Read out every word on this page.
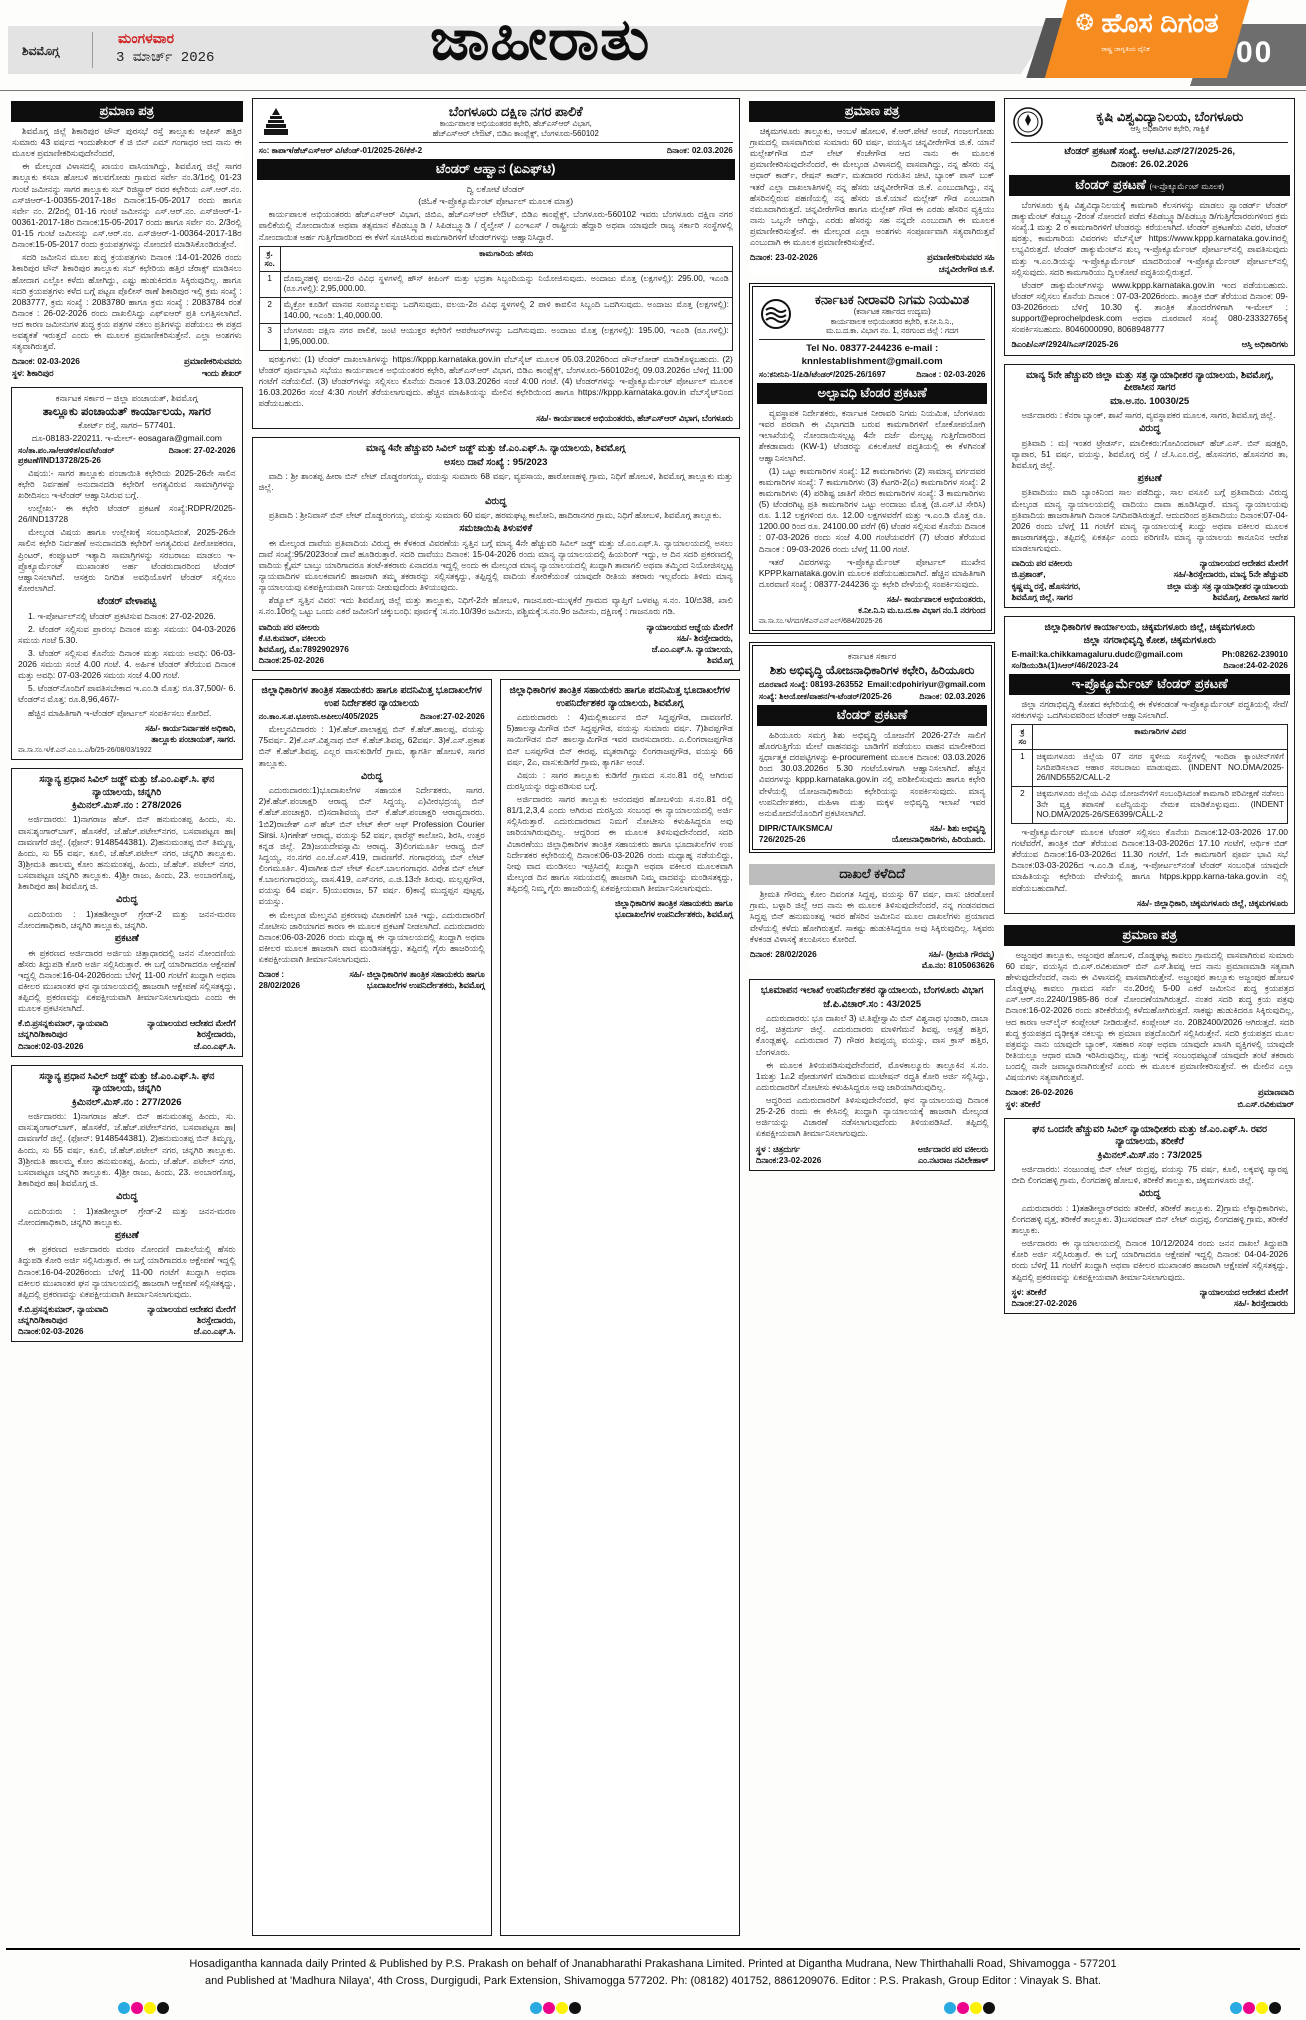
ಶಿವಮೊಗ್ಗ
ಮಂಗಳವಾರ
3 ಮಾರ್ಚ್ 2026	ಜಾಹೀರಾತು	00
❂ ಹೊಸ ದಿಗಂತ
ರಾಷ್ಟ್ರ ಜಾಗೃತಿಯ ದೈನಿಕ
ಪ್ರಮಾಣ ಪತ್ರ

ಶಿವಮೊಗ್ಗ ಜಿಲ್ಲೆ ಶಿಕಾರಿಪುರ ಟೌನ್ ಪುರಸಭೆ ರಸ್ತೆ ತಾಲ್ಲೂಕು ಆಫೀಸ್ ಹತ್ತಿರ ಸುಮಾರು 43 ವರ್ಷದ ಇಂದುಶೇಖರ್ ಕೆ ಜಿ ಬಿನ್ ಎಮ್ ಗಂಗಾಧರ ಆದ ನಾನು ಈ ಮೂಲಕ ಪ್ರಮಾಣೀಕರಿಸುವುದೇನೆಂದರೆ,

ಈ ಮೇಲ್ಕಂಡ ವಿಳಾಸದಲ್ಲಿ ಖಾಯಂ ವಾಸಿಯಾಗಿದ್ದು, ಶಿವಮೊಗ್ಗ ಜಿಲ್ಲೆ ಸಾಗರ ತಾಲ್ಲೂಕು ಕಸಬಾ ಹೋಬಳಿ ಹಲವಗೋಡು ಗ್ರಾಮದ ಸರ್ವೇ ನಂ.3/1ರಲ್ಲಿ 01-23 ಗುಂಟೆ ಜಮೀನನ್ನು ಸಾಗರ ತಾಲ್ಲೂಕು ಸಬ್ ರಿಜಿಸ್ಟ್ರಾರ್ ರವರ ಕಛೇರಿಯ ಎಸ್.ಆರ್.ನಂ. ಎಸ್‌ಜಿಆರ್-1-00355-2017-18ರ ದಿನಾಂಕ:15-05-2017 ರಂದು ಹಾಗೂ ಸರ್ವೇ ನಂ. 2/2ರಲ್ಲಿ 01-16 ಗುಂಟೆ ಜಮೀನನ್ನು ಎಸ್.ಆರ್.ನಂ. ಎಸ್‌ಜಿಆರ್-1-00361-2017-18ರ ದಿನಾಂಕ:15-05-2017 ರಂದು ಹಾಗೂ ಸರ್ವೇ ನಂ. 2/3ರಲ್ಲಿ 01-15 ಗುಂಟೆ ಜಮೀನನ್ನು ಎಸ್.ಆರ್.ನಂ. ಎಸ್‌ಜಿಆರ್-1-00364-2017-18ರ ದಿನಾಂಕ:15-05-2017 ರಂದು ಕ್ರಯಪತ್ರಗಳನ್ನು ನೋಂದಣಿ ಮಾಡಿಸಿಕೊಂಡಿರುತ್ತೇನೆ.

ಸದರಿ ಜಮೀನಿನ ಮೂಲ ಶುದ್ಧ ಕ್ರಯಪತ್ರಗಳು ದಿನಾಂಕ :14-01-2026 ರಂದು ಶಿಕಾರಿಪುರ ಟೌನ್ ಶಿಕಾರಿಪುರ ತಾಲ್ಲೂಕು ಸಬ್ ಕಛೇರಿಯ ಹತ್ತಿರ ಜೆರಾಕ್ಸ್ ಮಾಡಿಸಲು ಹೋದಾಗ ಎಲ್ಲೋ ಕಳೆದು ಹೋಗಿದ್ದು, ಎಷ್ಟು ಹುಡುಕಿದರೂ ಸಿಕ್ಕಿರುವುದಿಲ್ಲ. ಹಾಗೂ ಸದರಿ ಕ್ರಯಪತ್ರಗಳು ಕಳೆದ ಬಗ್ಗೆ ಪಟ್ಟಣ ಪೊಲೀಸ್ ಠಾಣೆ ಶಿಕಾರಿಪುರ ಇಲ್ಲಿ ಕ್ರಮ ಸಂಖ್ಯೆ : 2083777, ಕ್ರಮ ಸಂಖ್ಯೆ : 2083780 ಹಾಗೂ ಕ್ರಮ ಸಂಖ್ಯೆ : 2083784 ರಂತೆ ದಿನಾಂಕ : 26-02-2026 ರಂದು ದಾಖಲಿಸಿದ್ದು ಎಫ್‌ಐಆರ್ ಪ್ರತಿ ಲಗತ್ತಿಸಲಾಗಿದೆ. ಆದ ಕಾರಣ ಜಮೀನುಗಳ ಶುದ್ಧ ಕ್ರಯ ಪತ್ರಗಳ ನಕಲು ಪ್ರತಿಗಳನ್ನು ಪಡೆಯಲು ಈ ಪತ್ರದ ಅವಶ್ಯಕತೆ ಇರುತ್ತದೆ ಎಂದು ಈ ಮೂಲಕ ಪ್ರಮಾಣೀಕರಿಸುತ್ತೇನೆ. ಎಲ್ಲಾ ಅಂಶಗಳು ಸತ್ಯವಾಗಿರುತ್ತವೆ.

ದಿನಾಂಕ: 02-03-2026
ಸ್ಥಳ: ಶಿಕಾರಿಪುರ
ಪ್ರಮಾಣೀಕರಿಸುವವರು
ಇಂದು ಶೇಖರ್
ಕರ್ನಾಟಕ ಸರ್ಕಾರ – ಜಿಲ್ಲಾ ಪಂಚಾಯತ್, ಶಿವಮೊಗ್ಗ
ತಾಲ್ಲೂಕು ಪಂಚಾಯತ್ ಕಾರ್ಯಾಲಯ, ಸಾಗರ
ಕೋರ್ಟ್ ರಸ್ತೆ, ಸಾಗರ– 577401.
ದೂ-08183-220211. ಇ-ಮೇಲ್- eosagara@gmail.com
ಸಂ/ತಾ.ಪಂ.ಸಾ/ಆಡಳಿತ/ಏವ/ಟೆಂಡರ್ ಪ್ರಕಟಣೆ/IND13728/25-26
ದಿನಾಂಕ: 27-02-2026

ವಿಷಯ:- ಸಾಗರ ತಾಲ್ಲೂಕು ಪಂಚಾಯಿತಿ ಕಛೇರಿಯ 2025-26ನೇ ಸಾಲಿನ ಕಛೇರಿ ನಿರ್ವಹಣೆ ಅನುದಾನದಡಿ ಕಛೇರಿಗೆ ಅಗತ್ಯವಿರುವ ಸಾಮಾಗ್ರಿಗಳನ್ನು ಖರೀದಿಸಲು ಇ-ಟೆಂಡರ್ ಆಹ್ವಾನಿಸಿರುವ ಬಗ್ಗೆ.

ಉಲ್ಲೇಖ:- ಈ ಕಛೇರಿ ಟೆಂಡರ್ ಪ್ರಕಟಣೆ ಸಂಖ್ಯೆ:RDPR/2025-26/IND13728

ಮೇಲ್ಕಂಡ ವಿಷಯ ಹಾಗೂ ಉಲ್ಲೇಖಕ್ಕೆ ಸಂಬಂಧಿಸಿದಂತೆ, 2025-26ನೇ ಸಾಲಿನ ಕಛೇರಿ ನಿರ್ವಹಣೆ ಅನುದಾನದಡಿ ಕಛೇರಿಗೆ ಅಗತ್ಯವಿರುವ ಪೀಠೋಪಕರಣ, ಪ್ರಿಂಟರ್, ಕಂಪ್ಯೂಟರ್ ಇತ್ಯಾದಿ ಸಾಮಾಗ್ರಿಗಳನ್ನು ಸರಬರಾಜು ಮಾಡಲು ಇ-ಪ್ರೊಕ್ಯೂರ್ಮೆಂಟ್ ಮುಖಾಂತರ ಅರ್ಹ ಟೆಂಡರುದಾರರಿಂದ ಟೆಂಡರ್ ಆಹ್ವಾನಿಸಲಾಗಿದೆ. ಆಸಕ್ತರು ನಿಗದಿತ ಅವಧಿಯೊಳಗೆ ಟೆಂಡರ್ ಸಲ್ಲಿಸಲು ಕೋರಲಾಗಿದೆ.

ಟೆಂಡರ್ ವೇಳಾಪಟ್ಟಿ

1. ಇ-ಪೋರ್ಟಲ್‌ನಲ್ಲಿ ಟೆಂಡರ್ ಪ್ರಕಟಿಸುವ ದಿನಾಂಕ: 27-02-2026.

2. ಟೆಂಡರ್ ಸಲ್ಲಿಸುವ ಪ್ರಾರಂಭ ದಿನಾಂಕ ಮತ್ತು ಸಮಯ: 04-03-2026 ಸಮಯ ಗಂಟೆ 5.30.

3. ಟೆಂಡರ್ ಸಲ್ಲಿಸುವ ಕೊನೆಯ ದಿನಾಂಕ ಮತ್ತು ಸಮಯ ಅವಧಿ: 06-03-2026 ಸಮಯ ಸಂಜೆ 4.00 ಗಂಟೆ. 4. ಅರ್ಹಿಕ ಟೆಂಡರ್ ತೆರೆಯುವ ದಿನಾಂಕ ಮತ್ತು ಅವಧಿ: 07-03-2026 ಸಮಯ ಸಂಜೆ 4.00 ಗಂಟೆ.

5. ಟೆಂಡರ್‌ನೊಂದಿಗೆ ಪಾವತಿಸಬೇಕಾದ ಇ.ಎಂ.ಡಿ ಮೊತ್ತ: ರೂ.37,500/- 6. ಟೆಂಡರ್‌ನ ಮೊತ್ತ: ರೂ.8,96,467/-

ಹೆಚ್ಚಿನ ಮಾಹಿತಿಗಾಗಿ ಇ-ಟೆಂಡರ್ ಪೋರ್ಟಲ್ ಸಂಪರ್ಕಿಸಲು ಕೋರಿದೆ.

ಸಹಿ/- ಕಾರ್ಯನಿರ್ವಾಹಕ ಅಧಿಕಾರಿ,
ತಾಲ್ಲೂಕು ಪಂಚಾಯತ್, ಸಾಗರ.
ವಾ.ಸಾ.ಸಂ.ಇ/ಕೆ.ಎನ್.ಎಂ.ಒ.ಎ/b/25-26/08/03/1922
ಸನ್ಮಾನ್ಯ ಪ್ರಧಾನ ಸಿವಿಲ್ ಜಡ್ಜ್ ಮತ್ತು ಜೆ.ಎಂ.ಎಫ್.ಸಿ. ಘನ ನ್ಯಾಯಾಲಯ, ಚನ್ನಗಿರಿ
ಕ್ರಿಮಿನಲ್.ಮಿಸ್.ನಂ : 278/2026

ಅರ್ಜಿದಾರರು: 1)ನಾಗರಾಜ ಹೆಚ್. ಬಿನ್ ಹನುಮಂತಪ್ಪ ಹಿಂದು, ಸು. ವಾಸ:ಶೃಂಗಾರ್‌ಬಾಗ್, ಹೊಸಕೆರೆ, ಜೆ.ಹೆಚ್.ಪಟೇಲ್‌ನಗರ, ಬಸವಾಪಟ್ಟಣ ಹಾ|ದಾವಣಗೆರೆ ಜಿಲ್ಲೆ. (ಫೋನ್: 9148544381). 2)ಹನುಮಂತಪ್ಪ ಬಿನ್ ತಿಮ್ಮಣ್ಣ, ಹಿಂದು, ಸು 55 ವರ್ಷ, ಕೂಲಿ, ಜೆ.ಹೆಚ್.ಪಟೇಲ್ ನಗರ, ಚನ್ನಗಿರಿ ತಾಲ್ಲೂಕು. 3)ಶ್ರೀಮತಿ ಹಾಲಮ್ಮ ಕೋಂ ಹನುಮಂತಪ್ಪ, ಹಿಂದು, ಜೆ.ಹೆಚ್. ಪಟೇಲ್ ನಗರ, ಬಸವಾಪಟ್ಟಣ ಚನ್ನಗಿರಿ ತಾಲ್ಲೂಕು. 4)ಶ್ರೀ ರಾಜು, ಹಿಂದು, 23. ಅಂಬಾರಗೊಪ್ಪ, ಶಿಕಾರಿಪುರ ಹಾ| ಶಿವಮೊಗ್ಗ ಜಿ.

ವಿರುದ್ಧ

ಎದುರಿಯರು : 1)ತಹಶೀಲ್ದಾರ್ ಗ್ರೇಡ್-2 ಮತ್ತು ಜನನ-ಮರಣ ನೋಂದಣಾಧಿಕಾರಿ, ಚನ್ನಗಿರಿ ತಾಲ್ಲೂಕು, ಚನ್ನಗಿರಿ.

ಪ್ರಕಟಣೆ

ಈ ಪ್ರಕರಣದ ಅರ್ಜಿದಾರರ ಅರ್ಜಿಯ ಚಿತ್ತಾಧಾರದಲ್ಲಿ ಜನನ ನೋಂದಣಿಯ ಹೆಸರು ತಿದ್ದುಪಡಿ ಕೋರಿ ಅರ್ಜಿ ಸಲ್ಲಿಸಿರುತ್ತಾರೆ. ಈ ಬಗ್ಗೆ ಯಾರಿಗಾದರೂ ಆಕ್ಷೇಪಣೆ ಇದ್ದಲ್ಲಿ ದಿನಾಂಕ:16-04-2026ರಂದು ಬೆಳಿಗ್ಗೆ 11-00 ಗಂಟೆಗೆ ಖುದ್ದಾಗಿ ಅಥವಾ ವಕೀಲರ ಮುಖಾಂತರ ಘನ ನ್ಯಾಯಾಲಯದಲ್ಲಿ ಹಾಜರಾಗಿ ಆಕ್ಷೇಪಣೆ ಸಲ್ಲಿಸತಕ್ಕದ್ದು, ತಪ್ಪಿದಲ್ಲಿ ಪ್ರಕರಣವನ್ನು ಏಕಪಕ್ಷೀಯವಾಗಿ ತೀರ್ಮಾನಿಸಲಾಗುವುದು ಎಂದು ಈ ಮೂಲಕ ಪ್ರಕಟಿಸಲಾಗಿದೆ.

ಕೆ.ಬಿ.ಪ್ರಸನ್ನಕುಮಾರ್, ನ್ಯಾಯವಾದಿ
ಚನ್ನಗಿರಿ/ಶಿಕಾರಿಪುರ
ದಿನಾಂಕ:02-03-2026
ನ್ಯಾಯಾಲಯದ ಆದೇಶದ ಮೇರೆಗೆ
ಶಿರಸ್ತೇದಾರರು,
ಜೆ.ಎಂ.ಎಫ್.ಸಿ.
ಸನ್ಮಾನ್ಯ ಪ್ರಧಾನ ಸಿವಿಲ್ ಜಡ್ಜ್ ಮತ್ತು ಜೆ.ಎಂ.ಎಫ್.ಸಿ. ಘನ ನ್ಯಾಯಾಲಯ, ಚನ್ನಗಿರಿ
ಕ್ರಿಮಿನಲ್.ಮಿಸ್.ನಂ : 277/2026

ಅರ್ಜಿದಾರರು: 1)ನಾಗರಾಜ ಹೆಚ್. ಬಿನ್ ಹನುಮಂತಪ್ಪ ಹಿಂದು, ಸು. ವಾಸ:ಶೃಂಗಾರ್‌ಬಾಗ್, ಹೊಸಕೆರೆ, ಜೆ.ಹೆಚ್.ಪಟೇಲ್‌ನಗರ, ಬಸವಾಪಟ್ಟಣ ಹಾ|ದಾವಣಗೆರೆ ಜಿಲ್ಲೆ. (ಫೋನ್: 9148544381). 2)ಹನುಮಂತಪ್ಪ ಬಿನ್ ತಿಮ್ಮಣ್ಣ, ಹಿಂದು, ಸು 55 ವರ್ಷ, ಕೂಲಿ, ಜೆ.ಹೆಚ್.ಪಟೇಲ್ ನಗರ, ಚನ್ನಗಿರಿ ತಾಲ್ಲೂಕು. 3)ಶ್ರೀಮತಿ ಹಾಲಮ್ಮ ಕೋಂ ಹನುಮಂತಪ್ಪ, ಹಿಂದು, ಜೆ.ಹೆಚ್. ಪಟೇಲ್ ನಗರ, ಬಸವಾಪಟ್ಟಣ ಚನ್ನಗಿರಿ ತಾಲ್ಲೂಕು. 4)ಶ್ರೀ ರಾಜು, ಹಿಂದು, 23. ಅಂಬಾರಗೊಪ್ಪ, ಶಿಕಾರಿಪುರ ಹಾ| ಶಿವಮೊಗ್ಗ ಜಿ.

ವಿರುದ್ಧ

ಎದುರಿಯರು : 1)ತಹಶೀಲ್ದಾರ್ ಗ್ರೇಡ್-2 ಮತ್ತು ಜನನ-ಮರಣ ನೋಂದಣಾಧಿಕಾರಿ, ಚನ್ನಗಿರಿ ತಾಲ್ಲೂಕು.

ಪ್ರಕಟಣೆ

ಈ ಪ್ರಕರಣದ ಅರ್ಜಿದಾರರು ಮರಣ ನೋಂದಣಿ ದಾಖಲೆಯಲ್ಲಿ ಹೆಸರು ತಿದ್ದುಪಡಿ ಕೋರಿ ಅರ್ಜಿ ಸಲ್ಲಿಸಿರುತ್ತಾರೆ. ಈ ಬಗ್ಗೆ ಯಾರಿಗಾದರೂ ಆಕ್ಷೇಪಣೆ ಇದ್ದಲ್ಲಿ ದಿನಾಂಕ:16-04-2026ರಂದು ಬೆಳಿಗ್ಗೆ 11-00 ಗಂಟೆಗೆ ಖುದ್ದಾಗಿ ಅಥವಾ ವಕೀಲರ ಮುಖಾಂತರ ಘನ ನ್ಯಾಯಾಲಯದಲ್ಲಿ ಹಾಜರಾಗಿ ಆಕ್ಷೇಪಣೆ ಸಲ್ಲಿಸತಕ್ಕದ್ದು, ತಪ್ಪಿದಲ್ಲಿ ಪ್ರಕರಣವನ್ನು ಏಕಪಕ್ಷೀಯವಾಗಿ ತೀರ್ಮಾನಿಸಲಾಗುವುದು.

ಕೆ.ಬಿ.ಪ್ರಸನ್ನಕುಮಾರ್, ನ್ಯಾಯವಾದಿ
ಚನ್ನಗಿರಿ/ಶಿಕಾರಿಪುರ
ದಿನಾಂಕ:02-03-2026
ನ್ಯಾಯಾಲಯದ ಆದೇಶದ ಮೇರೆಗೆ
ಶಿರಸ್ತೇದಾರರು,
ಜೆ.ಎಂ.ಎಫ್.ಸಿ.
ಬೆಂಗಳೂರು ದಕ್ಷಿಣ ನಗರ ಪಾಲಿಕೆ
ಕಾರ್ಯಪಾಲಕ ಅಭಿಯಂತರರ ಕಛೇರಿ, ಹೆಚ್‌ಎಸ್‌ಆರ್ ವಿಭಾಗ,
ಹೆಚ್ಎಸ್ಆರ್ ಲೇಔಟ್, ಬಿಡಿಎ ಕಾಂಪ್ಲೆಕ್ಸ್, ಬೆಂಗಳೂರು-560102
ಸಂ: ಕಾಪಾಇ/ಹೆಚ್ಎಸ್ಆರ್ ವಿ/ಟೆಂಡ್-01/2025-26/ಕೆಠೆ-2	ದಿನಾಂಕ: 02.03.2026
ಟೆಂಡರ್ ಆಹ್ವಾನ (ಏಎಫ್‌ಟಿ)
ದ್ವಿ ಲಕೋಟೆ ಟೆಂಡರ್
(ಜಿಓಕೆ ಇ-ಪ್ರೊಕ್ಯೂರ್ಮೆಂಟ್ ಪೋರ್ಟಲ್ ಮೂಲಕ ಮಾತ್ರ)

ಕಾರ್ಯಪಾಲಕ ಅಭಿಯಂತರರು ಹೆಚ್ಎಸ್ಆರ್ ವಿಭಾಗ, ಜಿಬಿಎ, ಹೆಚ್ಎಸ್ಆರ್ ಲೇಔಟ್, ಬಿಡಿಎ ಕಾಂಪ್ಲೆಕ್ಸ್, ಬೆಂಗಳೂರು-560102 ಇವರು ಬೆಂಗಳೂರು ದಕ್ಷಿಣ ನಗರ ಪಾಲಿಕೆಯಲ್ಲಿ ನೋಂದಾಯಿತ ಅಥವಾ ತತ್ಸಮಾನ ಕೆಪಿಡಬ್ಲ್ಯೂಡಿ / ಸಿಪಿಡಬ್ಲ್ಯೂಡಿ / ರೈಲ್ವೇಸ್ / ಎಂಇಎಸ್ / ರಾಷ್ಟ್ರೀಯ ಹೆದ್ದಾರಿ ಅಥವಾ ಯಾವುದೇ ರಾಜ್ಯ ಸರ್ಕಾರಿ ಸಂಸ್ಥೆಗಳಲ್ಲಿ ನೋಂದಾಯಿತ ಅರ್ಹ ಗುತ್ತಿಗೆದಾರರಿಂದ ಈ ಕೆಳಗೆ ಸೂಚಿಸಿರುವ ಕಾಮಗಾರಿಗಳಿಗೆ ಟೆಂಡರ್‌ಗಳನ್ನು ಆಹ್ವಾನಿಸಿದ್ದಾರೆ.

ಕ್ರ. ಸಂ.	ಕಾಮಗಾರಿಯ ಹೆಸರು
1	ದೊಮ್ಮನಹಳ್ಳಿ ವಲಯ-2ರ ವಿವಿಧ ಸ್ಥಳಗಳಲ್ಲಿ ಹೌಸ್ ಕೀಪಿಂಗ್ ಮತ್ತು ಭದ್ರತಾ ಸಿಬ್ಬಂದಿಯನ್ನು ನಿಯೋಜಿಸುವುದು. ಅಂದಾಜು ಮೊತ್ತ (ಲಕ್ಷಗಳಲ್ಲಿ): 295.00, ಇಎಂಡಿ (ರೂ.ಗಳಲ್ಲಿ): 2,95,000.00.
2	ಮೈಕ್ರೋ ಕೂಡಿಗೆ ಮಾನವ ಸಂಪನ್ಮೂಲವನ್ನು ಒದಗಿಸುವುದು, ವಲಯ-2ರ ವಿವಿಧ ಸ್ಥಳಗಳಲ್ಲಿ 2 ಪಾಳಿ ಕಾವಲಿನ ಸಿಬ್ಬಂದಿ ಒದಗಿಸುವುದು. ಅಂದಾಜು ಮೊತ್ತ (ಲಕ್ಷಗಳಲ್ಲಿ): 140.00, ಇಎಂಡಿ: 1,40,000.00.
3	ಬೆಂಗಳೂರು ದಕ್ಷಿಣ ನಗರ ಪಾಲಿಕೆ, ಜಂಟಿ ಆಯುಕ್ತರ ಕಛೇರಿಗೆ ಆಪರೇಟರ್‌ಗಳನ್ನು ಒದಗಿಸುವುದು. ಅಂದಾಜು ಮೊತ್ತ (ಲಕ್ಷಗಳಲ್ಲಿ): 195.00, ಇಎಂಡಿ (ರೂ.ಗಳಲ್ಲಿ): 1,95,000.00.

ಷರತ್ತುಗಳು: (1) ಟೆಂಡರ್ ದಾಖಲಾತಿಗಳನ್ನು https://kppp.karnataka.gov.in ವೆಬ್‌ಸೈಟ್ ಮೂಲಕ 05.03.2026ರಿಂದ ಡೌನ್‌ಲೋಡ್ ಮಾಡಿಕೊಳ್ಳಬಹುದು. (2) ಟೆಂಡರ್ ಪೂರ್ವಭಾವಿ ಸಭೆಯು ಕಾರ್ಯಪಾಲಕ ಅಭಿಯಂತರರ ಕಛೇರಿ, ಹೆಚ್ಎಸ್ಆರ್ ವಿಭಾಗ, ಬಿಡಿಎ ಕಾಂಪ್ಲೆಕ್ಸ್, ಬೆಂಗಳೂರು-560102ರಲ್ಲಿ 09.03.2026ರ ಬೆಳಿಗ್ಗೆ 11:00 ಗಂಟೆಗೆ ನಡೆಯಲಿದೆ. (3) ಟೆಂಡರ್‌ಗಳನ್ನು ಸಲ್ಲಿಸಲು ಕೊನೆಯ ದಿನಾಂಕ 13.03.2026ರ ಸಂಜೆ 4:00 ಗಂಟೆ. (4) ಟೆಂಡರ್‌ಗಳನ್ನು ಇ-ಪ್ರೊಕ್ಯೂರ್ಮೆಂಟ್ ಪೋರ್ಟಲ್ ಮೂಲಕ 16.03.2026ರ ಸಂಜೆ 4:30 ಗಂಟೆಗೆ ತೆರೆಯಲಾಗುವುದು. ಹೆಚ್ಚಿನ ಮಾಹಿತಿಯನ್ನು ಮೇಲಿನ ಕಛೇರಿಯಿಂದ ಹಾಗೂ https://kppp.karnataka.gov.in ವೆಬ್‌ಸೈಟ್‌ನಿಂದ ಪಡೆಯಬಹುದು.

ಸಹಿ/- ಕಾರ್ಯಪಾಲಕ ಅಭಿಯಂತರರು, ಹೆಚ್ಎಸ್ಆರ್ ವಿಭಾಗ, ಬೆಂಗಳೂರು
ಮಾನ್ಯ 4ನೇ ಹೆಚ್ಚುವರಿ ಸಿವಿಲ್ ಜಡ್ಜ್ ಮತ್ತು ಜೆ.ಎಂ.ಎಫ್.ಸಿ. ನ್ಯಾಯಾಲಯ, ಶಿವಮೊಗ್ಗ
ಅಸಲು ದಾವೆ ಸಂಖ್ಯೆ : 95/2023

ವಾದಿ : ಶ್ರೀ ಶಾಂತಪ್ಪ ಹೀರಾ ಬಿನ್ ಲೇಟ್ ದೊಡ್ಡರಂಗಯ್ಯ, ವಯಸ್ಸು ಸುಮಾರು 68 ವರ್ಷ, ವ್ಯವಸಾಯ, ಹಾರೋಣಹಳ್ಳಿ ಗ್ರಾಮ, ನಿಧಿಗೆ ಹೋಬಳಿ, ಶಿವಮೊಗ್ಗ ತಾಲ್ಲೂಕು ಮತ್ತು ಜಿಲ್ಲೆ.

ವಿರುದ್ಧ

ಪ್ರತಿವಾದಿ : ಶ್ರೀನಿವಾಸ್ ಬಿನ್ ಲೇಟ್ ದೊಡ್ಡರಂಗಯ್ಯ, ವಯಸ್ಸು ಸುಮಾರು 60 ವರ್ಷ, ಹರಮಘಟ್ಟ ಕಾಲೋನಿ, ಹಾದಿರಾನಗರ ಗ್ರಾಮ, ನಿಧಿಗೆ ಹೋಬಳಿ, ಶಿವಮೊಗ್ಗ ತಾಲ್ಲೂಕು.

ಸಮಜಾಯಿಷಿ ತಿಳುವಳಿಕೆ

ಈ ಮೇಲ್ಕಂಡ ದಾವೆಯ ಪ್ರತಿವಾದಿಯ ವಿರುದ್ಧ ಈ ಕೆಳಕಂಡ ವಿವರಣೆಯ ಸ್ವತ್ತಿನ ಬಗ್ಗೆ ಮಾನ್ಯ 4ನೇ ಹೆಚ್ಚುವರಿ ಸಿವಿಲ್ ಜಡ್ಜ್ ಮತ್ತು ಜೆ.ಎಂ.ಎಫ್.ಸಿ. ನ್ಯಾಯಾಲಯದಲ್ಲಿ ಅಸಲು ದಾವೆ ಸಂಖ್ಯೆ:95/2023ರಂತೆ ದಾವೆ ಹೂಡಿರುತ್ತಾರೆ. ಸದರಿ ದಾವೆಯು ದಿನಾಂಕ: 15-04-2026 ರಂದು ಮಾನ್ಯ ನ್ಯಾಯಾಲಯದಲ್ಲಿ ಹಿಯರಿಂಗ್ ಇದ್ದು, ಆ ದಿನ ಸದರಿ ಪ್ರಕರಣದಲ್ಲಿ ವಾದಿಯ ಕ್ಲೈಮ್ ಬಾಬ್ತು ಯಾರಿಗಾದರೂ ತಂಟೆ-ತಕರಾರು ಏನಾದರೂ ಇದ್ದಲ್ಲಿ ಅಂದು ಈ ಮೇಲ್ಕಂಡ ಮಾನ್ಯ ನ್ಯಾಯಾಲಯದಲ್ಲಿ ಖುದ್ದಾಗಿ ತಾವಾಗಲಿ ಅಥವಾ ತಮ್ಮಿಂದ ನಿಯೋಜಿಸಲ್ಪಟ್ಟ ನ್ಯಾಯವಾದಿಗಳ ಮೂಲಕವಾಗಲಿ ಹಾಜರಾಗಿ ತಮ್ಮ ತಕರಾರನ್ನು ಸಲ್ಲಿಸತಕ್ಕದ್ದು, ತಪ್ಪಿದ್ದಲ್ಲಿ ವಾದಿಯ ಕೋರಿಕೆಯಂತೆ ಯಾವುದೇ ರೀತಿಯ ತಕರಾರು ಇಲ್ಲವೆಂದು ತಿಳಿದು ಮಾನ್ಯ ನ್ಯಾಯಾಲಯವು ಏಕಪಕ್ಷೀಯವಾಗಿ ನಿರ್ಣಯ ನೀಡುವುದೆಂದು ತಿಳಿಯುವುದು.

ಶೆಡ್ಯೂಲ್ ಸ್ವತ್ತಿನ ವಿವರ: ಇದು ಶಿವಮೊಗ್ಗ ಜಿಲ್ಲೆ ಮತ್ತು ತಾಲ್ಲೂಕು, ನಿಧಿಗೆ-2ನೇ ಹೋಬಳಿ, ಗಾಜನೂರು-ಮುಳ್ಳಕೆರೆ ಗ್ರಾಮದ ವ್ಯಾಪ್ತಿಗೆ ಒಳಪಟ್ಟ ಸ.ನಂ. 10/ಬಿ38, ಖಾಲಿ ಸ.ನಂ.10ರಲ್ಲಿ ಒಟ್ಟು ಒಂದು ಎಕರೆ ಜಮೀನಿಗೆ ಚಕ್ಕುಬಂಧಿ: ಪೂರ್ವಕ್ಕೆ :ಸ.ನಂ.10/39ರ ಜಮೀನು, ಪಶ್ಚಿಮಕ್ಕೆ:ಸ.ನಂ.9ರ ಜಮೀನು, ದಕ್ಷಿಣಕ್ಕೆ : ಗಾಜನೂರು ಗಡಿ.

ವಾದಿಯ ಪರ ವಕೀಲರು
ಕೆ.ಟಿ.ಕುಮಾರ್, ವಕೀಲರು
ಶಿವಮೊಗ್ಗ, ಮೊ:7892902976
ದಿನಾಂಕ:25-02-2026
ನ್ಯಾಯಾಲಯದ ಆಜ್ಞೆಯ ಮೇರೆಗೆ
ಸಹಿ/- ಶಿರಸ್ತೇದಾರರು,
ಜೆ.ಎಂ.ಎಫ್.ಸಿ. ನ್ಯಾಯಾಲಯ,
ಶಿವಮೊಗ್ಗ
ಜಿಲ್ಲಾಧಿಕಾರಿಗಳ ತಾಂತ್ರಿಕ ಸಹಾಯಕರು ಹಾಗೂ ಪದನಿಮಿತ್ತ ಭೂದಾಖಲೆಗಳ ಉಪ ನಿರ್ದೇಶಕರ ನ್ಯಾಯಾಲಯ
ನಂ.ಕಾಂ.ಸ.ಪ.ಭೂಉನಿ.ಅಪೀಲು/405/2025	ದಿನಾಂಕ:27-02-2026

ಮೇಲ್ಮನವಿದಾರರು : 1)ಕೆ.ಹೆಚ್.ಪಾಲಾಕ್ಷಪ್ಪ ಬಿನ್ ಕೆ.ಹೆಚ್.ಹಾಲಪ್ಪ, ವಯಸ್ಸು 75ವರ್ಷ. 2)ಕೆ.ಎಸ್.ವಿಶ್ವನಾಥ ಬಿನ್ ಕೆ.ಹೆಚ್.ಶಿವಪ್ಪ, 62ವರ್ಷ. 3)ಕೆ.ಎಸ್.ಪ್ರಕಾಶ ಬಿನ್ ಕೆ.ಹೆಚ್.ಶಿವಪ್ಪ. ಎಲ್ಲರ ವಾಸ:ಕುಡಿಗೆರೆ ಗ್ರಾಮ, ತ್ಯಾಗರ್ತಿ ಹೋಬಳಿ, ಸಾಗರ ತಾಲ್ಲೂಕು.

ವಿರುದ್ಧ

ಎದುರುದಾರರು:1)ಭೂದಾಖಲೆಗಳ ಸಹಾಯಕ ನಿರ್ದೇಶಕರು, ಸಾಗರ. 2)ಕೆ.ಹೆಚ್.ಪಂಚಾಕ್ಷರಿ ಆರಾಧ್ಯ ಬಿನ್ ಸಿದ್ದಯ್ಯ. ಎ)ವೀರಭದ್ರಯ್ಯ ಬಿನ್ ಕೆ.ಹೆಚ್.ಪಂಚಾಕ್ಷರಿ. ಬಿ)ಸದಾಶಿವಯ್ಯ ಬಿನ್ ಕೆ.ಹೆಚ್.ಪಂಚಾಕ್ಷರಿ ಆರಾಧ್ಯದಾರರು. 1ಬಿ2)ರಾಜೇಶ್ ಎಸ್ ಹೆಚ್ ಬಿನ್ ಲೇಟ್ ಕೇರ್ ಆಫ್ Profession Courier Sirsi. ಸಿ)ಗಣೇಶ್ ಆರಾಧ್ಯ, ವಯಸ್ಸು 52 ವರ್ಷ, ಫಾರೆಸ್ಟ್ ಕಾಲೋನಿ, ಶಿರಸಿ, ಉತ್ತರ ಕನ್ನಡ ಜಿಲ್ಲೆ. 2ಡಿ)ಜಯದೇವಸ್ವಾಮಿ ಆರಾಧ್ಯ. 3)ಲಿಂಗಮೂರ್ತಿ ಆರಾಧ್ಯ ಬಿನ್ ಸಿದ್ದಯ್ಯ, ನಂ.ನಗರ ಎಂ.ಜೆ.ಎಸ್.419, ದಾವಣಗೆರೆ. ಗಂಗಾಧರಯ್ಯ ಬಿನ್ ಲೇಟ್ ಲಿಂಗಮೂರ್ತಿ. 4)ವಾಗೀಶ ಬಿನ್ ಲೇಟ್ ಕೆಎಲ್.ಬಾಲಗಂಗಾಧರ. ವಿರೇಶ ಬಿನ್ ಲೇಟ್ ಕೆ.ಬಾಲಗಂಗಾಧರಯ್ಯ, ವಾಸ.419, ಎಸ್‌ನಗರ, ಎ.ಜಿ.13ನೇ ತಿರುವು. ಮಲ್ಲಪ್ಪಗೌಡ, ವಯಸ್ಸು 64 ವರ್ಷ. 5)ಯುವರಾಜ, 57 ವರ್ಷ. 6)ಕಾನ್ಸೆ ಮುದ್ದಪ್ಪನ ಪುಟ್ಟಪ್ಪ, ವಯಸ್ಸು.

ಈ ಮೇಲ್ಕಂಡ ಮೇಲ್ಮನವಿ ಪ್ರಕರಣವು ವಿಚಾರಣೆಗೆ ಬಾಕಿ ಇದ್ದು, ಎದುರುದಾರರಿಗೆ ನೋಟೀಸು ಜಾರಿಯಾಗದ ಕಾರಣ ಈ ಮೂಲಕ ಪ್ರಕಟಣೆ ನೀಡಲಾಗಿದೆ. ಎದುರುದಾರರು ದಿನಾಂಕ:06-03-2026 ರಂದು ಮಧ್ಯಾಹ್ನ ಈ ನ್ಯಾಯಾಲಯದಲ್ಲಿ ಖುದ್ದಾಗಿ ಅಥವಾ ವಕೀಲರ ಮೂಲಕ ಹಾಜರಾಗಿ ವಾದ ಮಂಡಿಸತಕ್ಕದ್ದು, ತಪ್ಪಿದಲ್ಲಿ ಗೈರು ಹಾಜರಿಯಲ್ಲಿ ಏಕಪಕ್ಷೀಯವಾಗಿ ತೀರ್ಮಾನಿಸಲಾಗುವುದು.

ದಿನಾಂಕ : 28/02/2026
ಸಹಿ/- ಜಿಲ್ಲಾಧಿಕಾರಿಗಳ ತಾಂತ್ರಿಕ ಸಹಾಯಕರು ಹಾಗೂ ಭೂದಾಖಲೆಗಳ ಉಪನಿರ್ದೇಶಕರು, ಶಿವಮೊಗ್ಗ
ಜಿಲ್ಲಾಧಿಕಾರಿಗಳ ತಾಂತ್ರಿಕ ಸಹಾಯಕರು ಹಾಗೂ ಪದನಿಮಿತ್ತ ಭೂದಾಖಲೆಗಳ ಉಪನಿರ್ದೇಶಕರ ನ್ಯಾಯಾಲಯ, ಶಿವಮೊಗ್ಗ

ಎದುರುದಾರರು : 4)ಮಲ್ಲಿಕಾರ್ಜುನ ಬಿನ್ ಸಿದ್ದಪ್ಪಗೌಡ, ದಾವಣಗೆರೆ. 5)ಹಾಲಸ್ವಾಮಿಗೌಡ ಬಿನ್ ಸಿದ್ದಪ್ಪಗೌಡ, ವಯಸ್ಸು ಸುಮಾರು ವರ್ಷ. 7)ಶಿವಪ್ಪಗೌಡ ಸಾಯಿಗೌಡನ ಬಿನ್ ಹಾಲಸ್ವಾಮಿಗೌಡ ಇವರ ವಾರಸುದಾರರು. ಎ.ಲಿಂಗರಾಜಪ್ಪಗೌಡ ಬಿನ್ ಬಸಪ್ಪಗೌಡ ಬಿನ್ ಈರಪ್ಪ. ಮೃತರಾಗಿದ್ದು ಲಿಂಗರಾಜಪ್ಪಗೌಡ, ವಯಸ್ಸು 66 ವರ್ಷ, 2ಎ, ವಾಸ:ಕುಡಿಗೆರೆ ಗ್ರಾಮ, ತ್ಯಾಗರ್ತಿ ಅಂಚೆ.

ವಿಷಯ : ಸಾಗರ ತಾಲ್ಲೂಕು ಕುಡಿಗೆರೆ ಗ್ರಾಮದ ಸ.ನಂ.81 ರಲ್ಲಿ ಆಗಿರುವ ದುರಸ್ತಿಯನ್ನು ರದ್ದುಪಡಿಸುವ ಬಗ್ಗೆ.

ಅರ್ಜಿದಾರರು ಸಾಗರ ತಾಲ್ಲೂಕು ಆನಂದಪುರ ಹೋಬಳಿಯ ಸ.ನಂ.81 ರಲ್ಲಿ 81/1,2,3,4 ಎಂದು ಆಗಿರುವ ದುರಸ್ತಿಯ ಸಂಬಂಧ ಈ ನ್ಯಾಯಾಲಯದಲ್ಲಿ ಅರ್ಜಿ ಸಲ್ಲಿಸಿರುತ್ತಾರೆ. ಎದುರುದಾರರಾದ ನಿಮಗೆ ನೋಟೀಸು ಕಳುಹಿಸಿದ್ದರೂ ಅವು ಜಾರಿಯಾಗಿರುವುದಿಲ್ಲ. ಆದ್ದರಿಂದ ಈ ಮೂಲಕ ತಿಳಿಸುವುದೇನೆಂದರೆ, ಸದರಿ ವಿಚಾರಣೆಯು ಜಿಲ್ಲಾಧಿಕಾರಿಗಳ ತಾಂತ್ರಿಕ ಸಹಾಯಕರು ಹಾಗೂ ಭೂದಾಖಲೆಗಳ ಉಪ ನಿರ್ದೇಶಕರ ಕಛೇರಿಯಲ್ಲಿ ದಿನಾಂಕ:06-03-2026 ರಂದು ಮಧ್ಯಾಹ್ನ ನಡೆಯಲಿದ್ದು, ನೀವು ವಾದ ಮಂಡಿಸಲು ಇಚ್ಛಿಸಿದಲ್ಲಿ ಖುದ್ದಾಗಿ ಅಥವಾ ವಕೀಲರ ಮೂಲಕವಾಗಿ ಮೇಲ್ಕಂಡ ದಿನ ಹಾಗೂ ಸಮಯದಲ್ಲಿ ಹಾಜರಾಗಿ ನಿಮ್ಮ ವಾದವನ್ನು ಮಂಡಿಸತಕ್ಕದ್ದು, ತಪ್ಪಿದಲ್ಲಿ ನಿಮ್ಮ ಗೈರು ಹಾಜರಿಯಲ್ಲಿ ಏಕಪಕ್ಷೀಯವಾಗಿ ತೀರ್ಮಾನಿಸಲಾಗುವುದು.

ಜಿಲ್ಲಾಧಿಕಾರಿಗಳ ತಾಂತ್ರಿಕ ಸಹಾಯಕರು ಹಾಗೂ
ಭೂದಾಖಲೆಗಳ ಉಪನಿರ್ದೇಶಕರು, ಶಿವಮೊಗ್ಗ
ಪ್ರಮಾಣ ಪತ್ರ

ಚಿಕ್ಕಮಗಳೂರು ತಾಲ್ಲೂಕು, ಆಂಬಳೆ ಹೋಬಳಿ, ಕೆ.ಆರ್.ಪೇಟೆ ಅಂಚೆ, ಗಂಜಲಗೋಡು ಗ್ರಾಮದಲ್ಲಿ ವಾಸವಾಗಿರುವ ಸುಮಾರು 60 ವರ್ಷ, ವಯಸ್ಸಿನ ಚನ್ನವೀರೇಗೌಡ ಜಿ.ಕೆ. ಯಾನೆ ಮಲ್ಲೇಶ್‌ಗೌಡ ಬಿನ್ ಲೇಟ್ ಕೆಂಚೇಗೌಡ ಆದ ನಾನು ಈ ಮೂಲಕ ಪ್ರಮಾಣೀಕರಿಸುವುದೇನೆಂದರೆ, ಈ ಮೇಲ್ಕಂಡ ವಿಳಾಸದಲ್ಲಿ ವಾಸವಾಗಿದ್ದು, ನನ್ನ ಹೆಸರು ನನ್ನ ಆಧಾರ್ ಕಾರ್ಡ್, ರೇಷನ್ ಕಾರ್ಡ್, ಮತದಾರರ ಗುರುತಿನ ಚೀಟಿ, ಬ್ಯಾಂಕ್ ಪಾಸ್ ಬುಕ್ ಇತರೆ ಎಲ್ಲಾ ದಾಖಲಾತಿಗಳಲ್ಲಿ ನನ್ನ ಹೆಸರು ಚನ್ನವೀರೇಗೌಡ ಜಿ.ಕೆ. ಎಂಬುದಾಗಿದ್ದು, ನನ್ನ ಹೆಸರಿನಲ್ಲಿರುವ ಪಹಣಿಯಲ್ಲಿ ನನ್ನ ಹೆಸರು ಜಿ.ಕೆ.ಯಾನೆ ಮಲ್ಲೇಶ್ ಗೌಡ ಎಂಬುದಾಗಿ ನಮೂದಾಗಿರುತ್ತದೆ. ಚನ್ನವೀರೇಗೌಡ ಹಾಗೂ ಮಲ್ಲೇಶ್ ಗೌಡ ಈ ಎರಡು ಹೆಸರಿನ ವ್ಯಕ್ತಿಯು ನಾನು ಒಬ್ಬನೇ ಆಗಿದ್ದು, ಎರಡು ಹೆಸರನ್ನು ಸಹ ನನ್ನದೇ ಎಂಬುದಾಗಿ ಈ ಮೂಲಕ ಪ್ರಮಾಣೀಕರಿಸುತ್ತೇನೆ. ಈ ಮೇಲ್ಕಂಡ ಎಲ್ಲಾ ಅಂಶಗಳು ಸಂಪೂರ್ಣವಾಗಿ ಸತ್ಯವಾಗಿರುತ್ತವೆ ಎಂಬುದಾಗಿ ಈ ಮೂಲಕ ಪ್ರಮಾಣೀಕರಿಸುತ್ತೇನೆ.

ದಿನಾಂಕ: 23-02-2026	ಪ್ರಮಾಣೀಕರಿಸುವವರ ಸಹಿ
ಚನ್ನವೀರೇಗೌಡ ಜಿ.ಕೆ.
ಕರ್ನಾಟಕ ನೀರಾವರಿ ನಿಗಮ ನಿಯಮಿತ
(ಕರ್ನಾಟಕ ಸರ್ಕಾರದ ಉದ್ಯಮ)
ಕಾರ್ಯಪಾಲಕ ಅಭಿಯಂತರರ ಕಛೇರಿ, ಕ.ನೀ.ನಿ.ನಿ.,
ಮ.ಬ.ದ.ಕಾ. ವಿಭಾಗ ನಂ. 1, ನರಗುಂದ ಜಿಲ್ಲೆ : ಗದಗ
Tel No. 08377-244236 e-mail : knnlestablishment@gmail.com
ಸಂ:ಕನೀನಿನಿ-1/ಪಿಡಿ/ಟೆಂಡರ್/2025-26/1697	ದಿನಾಂಕ : 02-03-2026
ಅಲ್ಪಾವಧಿ ಟೆಂಡರ ಪ್ರಕಟಣೆ

ವ್ಯವಸ್ಥಾಪಕ ನಿರ್ದೇಶಕರು, ಕರ್ನಾಟಕ ನೀರಾವರಿ ನಿಗಮ ನಿಯಮಿತ, ಬೆಂಗಳೂರು ಇವರ ಪರವಾಗಿ ಈ ವಿಭಾಗದಡಿ ಬರುವ ಕಾಮಗಾರಿಗಳಿಗೆ ಲೋಕೋಪಯೋಗಿ ಇಲಾಖೆಯಲ್ಲಿ ನೋಂದಾಯಿಸಲ್ಪಟ್ಟ 4ನೇ ದರ್ಜೆ ಮೇಲ್ಪಟ್ಟ ಗುತ್ತಿಗೆದಾರರಿಂದ ಶೇಕಡಾವಾರು (KW-1) ಟೆಂಡರನ್ನು ಏಕಲಕೋಟೆ ಪದ್ಧತಿಯಲ್ಲಿ ಈ ಕೆಳಗಿನಂತೆ ಆಹ್ವಾನಿಸಲಾಗಿದೆ.

(1) ಒಟ್ಟು ಕಾಮಗಾರಿಗಳ ಸಂಖ್ಯೆ: 12 ಕಾಮಗಾರಿಗಳು (2) ಸಾಮಾನ್ಯ ವರ್ಗದವರ ಕಾಮಗಾರಿಗಳ ಸಂಖ್ಯೆ: 7 ಕಾಮಗಾರಿಗಳು (3) ಕೆಟಗರಿ-2(ಎ) ಕಾಮಗಾರಿಗಳ ಸಂಖ್ಯೆ: 2 ಕಾಮಗಾರಿಗಳು (4) ಪರಿಶಿಷ್ಟ ಜಾತಿಗೆ ಸೇರಿದ ಕಾಮಗಾರಿಗಳ ಸಂಖ್ಯೆ: 3 ಕಾಮಗಾರಿಗಳು (5) ಟೆಂಡರಗಿಟ್ಟ ಪ್ರತಿ ಕಾಮಗಾರಿಗಳ ಒಟ್ಟು ಅಂದಾಜು ಮೊತ್ತ (ಜಿ.ಎಸ್.ಟಿ ಸೇರಿಸಿ) ರೂ. 1.12 ಲಕ್ಷಗಳಿಂದ ರೂ. 12.00 ಲಕ್ಷಗಳವರೆಗೆ ಮತ್ತು ಇ.ಎಂ.ಡಿ ಮೊತ್ತ ರೂ. 1200.00 ರಿಂದ ರೂ. 24100.00 ವರೆಗೆ (6) ಟೆಂಡರ ಸಲ್ಲಿಸುವ ಕೊನೆಯ ದಿನಾಂಕ : 07-03-2026 ರಂದು ಸಂಜೆ 4.00 ಗಂಟೆಯವರೆಗೆ (7) ಟೆಂಡರ ತೆರೆಯುವ ದಿನಾಂಕ : 09-03-2026 ರಂದು ಬೆಳಗ್ಗೆ 11.00 ಗಂಟೆ.

ಇತರೆ ವಿವರಗಳನ್ನು ಇ-ಪ್ರೊಕ್ಯೂರ್ಮೆಂಟ್ ಪೋರ್ಟಲ್ ಮುಖೇನ KPPP.karnataka.gov.in ಮೂಲಕ ಪಡೆಯಬಹುದಾಗಿದೆ. ಹೆಚ್ಚಿನ ಮಾಹಿತಿಗಾಗಿ ದೂರವಾಣಿ ಸಂಖ್ಯೆ : 08377-244236 ನ್ನು ಕಛೇರಿ ವೇಳೆಯಲ್ಲಿ ಸಂಪರ್ಕಿಸುವುದು.

ಸಹಿ/- ಕಾರ್ಯಪಾಲಕ ಅಭಿಯಂತರರು,
ಕ.ನೀ.ನಿ.ನಿ ಮ.ಬ.ದ.ಕಾ ವಿಭಾಗ ನಂ.1 ನರಗುಂದ
ವಾ.ಸಾ.ಸಂ.ಇ/ಗದಗ/ಕೆಎನ್ಎನ್ಎಲ್/684/2025-26
ಕರ್ನಾಟಕ ಸರ್ಕಾರ
ಶಿಶು ಅಭಿವೃದ್ಧಿ ಯೋಜನಾಧಿಕಾರಿಗಳ ಕಛೇರಿ, ಹಿರಿಯೂರು
ದೂರವಾಣಿ ಸಂಖ್ಯೆ: 08193-263552 Email:cdpohiriyur@gmail.com
ಸಂಖ್ಯೆ: ಶಿಅಯೋಕ/ವಾಹನ/ಇ-ಟೆಂಡರ್/2025-26	ದಿನಾಂಕ: 02.03.2026
ಟೆಂಡರ್ ಪ್ರಕಟಣೆ

ಹಿರಿಯೂರು ಸಮಗ್ರ ಶಿಶು ಅಭಿವೃದ್ಧಿ ಯೋಜನೆಗೆ 2026-27ನೇ ಸಾಲಿಗೆ ಹೊರಗುತ್ತಿಗೆಯ ಮೇಲೆ ವಾಹನವನ್ನು ಬಾಡಿಗೆಗೆ ಪಡೆಯಲು ವಾಹನ ಮಾಲೀಕರಿಂದ ಸ್ಪರ್ಧಾತ್ಮಕ ದರಪಟ್ಟಿಗಳನ್ನು e-procurement ಮೂಲಕ ದಿನಾಂಕ: 03.03.2026 ರಿಂದ 30.03.2026ರ 5.30 ಗಂಟೆಯೊಳಗಾಗಿ ಆಹ್ವಾನಿಸಲಾಗಿದೆ. ಹೆಚ್ಚಿನ ವಿವರಗಳನ್ನು kppp.karnataka.gov.in ನಲ್ಲಿ ಪರಿಶೀಲಿಸುವುದು ಹಾಗೂ ಕಛೇರಿ ವೇಳೆಯಲ್ಲಿ ಯೋಜನಾಧಿಕಾರಿಯ ಕಛೇರಿಯನ್ನು ಸಂಪರ್ಕಿಸುವುದು. ಮಾನ್ಯ ಉಪನಿರ್ದೇಶಕರು, ಮಹಿಳಾ ಮತ್ತು ಮಕ್ಕಳ ಅಭಿವೃದ್ಧಿ ಇಲಾಖೆ ಇವರ ಅನುಮೋದನೆಯೊಂದಿಗೆ ಪ್ರಕಟಿಸಲಾಗಿದೆ.

DIPR/CTA/KSMCA/
726/2025-26
ಸಹಿ/- ಶಿಶು ಅಭಿವೃದ್ಧಿ
ಯೋಜನಾಧಿಕಾರಿಗಳು, ಹಿರಿಯೂರು.
ದಾಖಲೆ ಕಳೆದಿದೆ

ಶ್ರೀಮತಿ ಗೌರಮ್ಮ ಕೋಂ ದಿವಂಗತ ಸಿದ್ದಪ್ಪ, ವಯಸ್ಸು 67 ವರ್ಷ, ವಾಸ: ಚಿರಡೋಣಿ ಗ್ರಾಮ, ಬಳ್ಳಾರಿ ಜಿಲ್ಲೆ ಆದ ನಾನು ಈ ಮೂಲಕ ತಿಳಿಸುವುದೇನೆಂದರೆ, ನನ್ನ ಗಂಡನವರಾದ ಸಿದ್ದಪ್ಪ ಬಿನ್ ಹನುಮಂತಪ್ಪ ಇವರ ಹೆಸರಿನ ಜಮೀನಿನ ಮೂಲ ದಾಖಲೆಗಳು ಪ್ರಯಾಣದ ವೇಳೆಯಲ್ಲಿ ಕಳೆದು ಹೋಗಿರುತ್ತವೆ. ಸಾಕಷ್ಟು ಹುಡುಕಿಸಿದ್ದರೂ ಅವು ಸಿಕ್ಕಿರುವುದಿಲ್ಲ. ಸಿಕ್ಕವರು ಕೆಳಕಂಡ ವಿಳಾಸಕ್ಕೆ ತಲುಪಿಸಲು ಕೋರಿದೆ.

ದಿನಾಂಕ: 28/02/2026	ಸಹಿ/- (ಶ್ರೀಮತಿ ಗೌರಮ್ಮ)
ಮೊ.ನಂ: 8105063626
ಭೂಮಾಪನ ಇಲಾಖೆ ಉಪನಿರ್ದೇಶಕರ ನ್ಯಾಯಾಲಯ, ಬೆಂಗಳೂರು ವಿಭಾಗ
ಜೆ.ಪಿ.ವಿಚಾರ್.ಸಂ : 43/2025

ಎದುರುದಾರರು: ಭೂ ದಾಖಲೆ 3) ಟಿ.ತಿಪ್ಪೇಸ್ವಾಮಿ ಬಿನ್ ವಿಶ್ವನಾಥ ಭಂಡಾರಿ, ದಾಬಾ ರಸ್ತೆ, ಚಿತ್ರದುರ್ಗ ಜಿಲ್ಲೆ. ಎದುರುದಾರರು ಮಾಳಿಗೆಮನೆ ಶಿವಪ್ಪ, ಆಸ್ಪತ್ರೆ ಹತ್ತಿರ, ಕೊಂಡ್ಲಹಳ್ಳಿ. ಎದುರುದಾರ 7) ಗೌಡರ ಶಿವಪ್ಪಯ್ಯ ವಯಸ್ಸು, ವಾಸ ಕ್ರಾಸ್ ಹತ್ತಿರ, ಬೆಂಗಳೂರು.

ಈ ಮೂಲಕ ತಿಳಿಯಪಡಿಸುವುದೇನೆಂದರೆ, ಮೊಳಕಾಲ್ಮೂರು ತಾಲ್ಲೂಕಿನ ಸ.ನಂ. 1ಮತ್ತು 1ಎ2 ಪೋಡುಗಳಿಗೆ ಮಾಡಿರುವ ಮುಟೇಷನ್ ರದ್ದತಿ ಕೋರಿ ಅರ್ಜಿ ಸಲ್ಲಿಸಿದ್ದು, ಎದುರುದಾರರಿಗೆ ನೋಟೀಸು ಕಳುಹಿಸಿದ್ದರೂ ಅವು ಜಾರಿಯಾಗಿರುವುದಿಲ್ಲ.

ಆದ್ದರಿಂದ ಎದುರುದಾರರಿಗೆ ತಿಳಿಸುವುದೇನೆಂದರೆ, ಘನ ನ್ಯಾಯಾಲಯವು ದಿನಾಂಕ 25-2-26 ರಂದು ಈ ಕೇಸಿನಲ್ಲಿ ಖುದ್ದಾಗಿ ನ್ಯಾಯಾಲಯಕ್ಕೆ ಹಾಜರಾಗಿ ಮೇಲ್ಕಂಡ ಅರ್ಜಿಯನ್ನು ವಿಚಾರಣೆ ನಡೆಸಲಾಗುವುದೆಂದು ತಿಳಿಯಪಡಿಸಿದೆ. ತಪ್ಪಿದಲ್ಲಿ ಏಕಪಕ್ಷೀಯವಾಗಿ ತೀರ್ಮಾನಿಸಲಾಗುವುದು.

ಸ್ಥಳ : ಚಿತ್ರದುರ್ಗ
ದಿನಾಂಕ:23-02-2026
ಅರ್ಜಿದಾರರ ಪರ ವಕೀಲರು
ಎಂ.ನಟರಾಜ ನವಿಲೇಹಾಳ್
ಕೃಷಿ ವಿಶ್ವವಿದ್ಯಾನಿಲಯ, ಬೆಂಗಳೂರು
ಆಸ್ತಿ ಅಧಿಕಾರಿಗಳ ಕಛೇರಿ, ಗಾಕ್ವಿಕೆ
ಟೆಂಡರ್ ಪ್ರಕಟಣೆ ಸಂಖ್ಯೆ. ಆಆ/ಟಿ.ಎನ್/27/2025-26,
ದಿನಾಂಕ: 26.02.2026
ಟೆಂಡರ್ ಪ್ರಕಟಣೆ (ಇ-ಪ್ರೊಕ್ಯೂರ್ಮೆಂಟ್ ಮೂಲಕ)

ಬೆಂಗಳೂರು ಕೃಷಿ ವಿಶ್ವವಿದ್ಯಾನಿಲಯಕ್ಕೆ ಕಾಮಗಾರಿ ಕೆಲಸಗಳನ್ನು ಮಾಡಲು ಸ್ಟ್ಯಾಂಡರ್ಡ್ ಟೆಂಡರ್ ಡಾಕ್ಯುಮೆಂಟ್ ಕೆಡಬ್ಲ್ಯೂ-2ರಂತೆ ನೋಂದಣಿ ಪಡೆದ ಕೆಪಿಡಬ್ಲ್ಯೂಡಿ/ಪಿಡಬ್ಲ್ಯೂಡಿ/ಗುತ್ತಿಗೆದಾರರುಗಳಿಂದ ಕ್ರಮ ಸಂಖ್ಯೆ.1 ಮತ್ತು 2 ರ ಕಾಮಗಾರಿಗಳಿಗೆ ಟೆಂಡರನ್ನು ಕರೆಯಲಾಗಿದೆ. ಟೆಂಡರ್ ಪ್ರಕಟಣೆಯ ವಿವರ, ಟೆಂಡರ್ ಷರತ್ತು, ಕಾಮಗಾರಿಯ ವಿವರಗಳು ವೆಬ್‌ಸೈಟ್ https://www.kppp.karnataka.gov.inರಲ್ಲಿ ಲಭ್ಯವಿರುತ್ತದೆ. ಟೆಂಡರ್ ಡಾಕ್ಯುಮೆಂಟ್‌ನ ಶುಲ್ಕ ಇ-ಪ್ರೊಕ್ಯೂರ್ಮೆಂಟ್ ಪೋರ್ಟಲ್‌ನಲ್ಲಿ ಪಾವತಿಸುವುದು ಮತ್ತು ಇ.ಎಂ.ಡಿಯನ್ನು ಇ-ಪ್ರೊಕ್ಯೂರ್ಮೆಂಟ್ ಮಾದರಿಯಂತೆ ಇ-ಪ್ರೊಕ್ಯೂರ್ಮೆಂಟ್ ಪೋರ್ಟಲ್‌ನಲ್ಲಿ ಸಲ್ಲಿಸುವುದು. ಸದರಿ ಕಾಮಗಾರಿಯು ದ್ವಿಲಕೋಟೆ ಪದ್ಧತಿಯಲ್ಲಿರುತ್ತದೆ.

ಟೆಂಡರ್ ಡಾಕ್ಯುಮೆಂಟ್‌ಗಳನ್ನು www.kppp.karnataka.gov.in ಇಂದ ಪಡೆಯಬಹುದು. ಟೆಂಡರ್ ಸಲ್ಲಿಸಲು ಕೊನೆಯ ದಿನಾಂಕ : 07-03-2026ರಂದು. ತಾಂತ್ರಿಕ ಬಿಡ್ ತೆರೆಯುವ ದಿನಾಂಕ: 09-03-2026ರಂದು ಬೆಳಿಗ್ಗೆ 10.30 ಕ್ಕೆ. ತಾಂತ್ರಿಕ ತೊಂದರೆಗಳಿಗಾಗಿ ಇ-ಮೇಲ್ : support@eprochelpdesk.com ಅಥವಾ ದೂರವಾಣಿ ಸಂಖ್ಯೆ 080-23332765ಕ್ಕೆ ಸಂಪರ್ಕಿಸಬಹುದು. 8046000090, 8068948777

ಡಿಎಂಪಿ/ಎಸ್/2924/ಸಿಎಸ್/2025-26	ಆಸ್ತಿ ಅಧಿಕಾರಿಗಳು
ಮಾನ್ಯ 5ನೇ ಹೆಚ್ಚುವರಿ ಜಿಲ್ಲಾ ಮತ್ತು ಸತ್ರ ನ್ಯಾಯಾಧೀಶರ ನ್ಯಾಯಾಲಯ, ಶಿವಮೊಗ್ಗ, ಪೀಠಾಸೀನ ಸಾಗರ
ಮಾ.ಅ.ನಂ. 10030/25

ಅರ್ಜಿದಾರರು : ಕೆನರಾ ಬ್ಯಾಂಕ್, ಶಾಖೆ ಸಾಗರ, ವ್ಯವಸ್ಥಾಪಕರ ಮೂಲಕ, ಸಾಗರ, ಶಿವಮೊಗ್ಗ ಜಿಲ್ಲೆ.

ವಿರುದ್ಧ

ಪ್ರತಿವಾದಿ : ಮ| ಇಂತರ ಟ್ರೇಡರ್ಸ್, ಮಾಲೀಕರು:ಗೋವಿಂದರಾವ್ ಹೆಚ್.ಎಸ್. ಬಿನ್ ಷಡಕ್ಷರಿ, ವ್ಯಾಪಾರ, 51 ವರ್ಷ, ವಯಸ್ಸು, ಶಿವಮೊಗ್ಗ ರಸ್ತೆ / ಜೆ.ಸಿ.ಎಂ.ರಸ್ತೆ, ಹೊಸನಗರ, ಹೊಸನಗರ ತಾ, ಶಿವಮೊಗ್ಗ ಜಿಲ್ಲೆ.

ಪ್ರಕಟಣೆ

ಪ್ರತಿವಾದಿಯು ವಾದಿ ಬ್ಯಾಂಕಿನಿಂದ ಸಾಲ ಪಡೆದಿದ್ದು, ಸಾಲ ವಸೂಲಿ ಬಗ್ಗೆ ಪ್ರತಿವಾದಿಯ ವಿರುದ್ಧ ಮೇಲ್ಕಂಡ ಮಾನ್ಯ ನ್ಯಾಯಾಲಯದಲ್ಲಿ ವಾದಿಯು ದಾವಾ ಹೂಡಿಸಿದ್ದಾರೆ. ಮಾನ್ಯ ನ್ಯಾಯಾಲಯವು ಪ್ರತಿವಾದಿಯ ಹಾಜರಾತಿಗಾಗಿ ದಿನಾಂಕ ನಿಗದಿಪಡಿಸಿರುತ್ತದೆ. ಆದುದರಿಂದ ಪ್ರತಿವಾದಿಯು ದಿನಾಂಕ:07-04-2026 ರಂದು ಬೆಳಗ್ಗೆ 11 ಗಂಟೆಗೆ ಮಾನ್ಯ ನ್ಯಾಯಾಲಯಕ್ಕೆ ಖುದ್ದು ಅಥವಾ ವಕೀಲರ ಮೂಲಕ ಹಾಜರಾಗತಕ್ಕದ್ದು, ತಪ್ಪಿದಲ್ಲಿ ಏಕತರ್ಫಿ ಎಂದು ಪರಿಗಣಿಸಿ ಮಾನ್ಯ ನ್ಯಾಯಾಲಯ ಕಾನೂನಿನ ಆದೇಶ ಮಾಡಲಾಗುವುದು.

ವಾದಿಯ ಪರ ವಕೀಲರು
ಜಿ.ಪ್ರಶಾಂತ್,
ಕೃಷ್ಣಮ್ಮ ರಸ್ತೆ, ಹೊಸನಗರ,
ಶಿವಮೊಗ್ಗ ಜಿಲ್ಲೆ, ಸಾಗರ
ನ್ಯಾಯಾಲಯದ ಆದೇಶದ ಮೇರೆಗೆ
ಸಹಿ/-ಶಿರಸ್ತೇದಾರರು, ಮಾನ್ಯ 5ನೇ ಹೆಚ್ಚುವರಿ
ಜಿಲ್ಲಾ ಮತ್ತು ಸತ್ರ ನ್ಯಾಯಾಧೀಶರ ನ್ಯಾಯಾಲಯ
ಶಿವಮೊಗ್ಗ, ಪೀಠಾಸೀನ ಸಾಗರ
ಜಿಲ್ಲಾಧಿಕಾರಿಗಳ ಕಾರ್ಯಾಲಯ, ಚಿಕ್ಕಮಗಳೂರು ಜಿಲ್ಲೆ, ಚಿಕ್ಕಮಗಳೂರು
ಜಿಲ್ಲಾ ನಗರಾಭಿವೃದ್ಧಿ ಕೋಶ, ಚಿಕ್ಕಮಗಳೂರು
E-mail:ka.chikkamagaluru.dudc@gmail.com	Ph:08262-239010
ಸಂ/ಡಿಯುಡಿಸಿ(1)ಸಿಆರ್/46/2023-24	ದಿನಾಂಕ:24-02-2026
ಇ-ಪ್ರೊಕ್ಯೂರ್ಮೆಂಟ್ ಟೆಂಡರ್ ಪ್ರಕಟಣೆ

ಜಿಲ್ಲಾ ನಗರಾಭಿವೃದ್ಧಿ ಕೋಶದ ಕಛೇರಿಯಲ್ಲಿ ಈ ಕೆಳಕಂಡಂತೆ ಇ-ಪ್ರೊಕ್ಯೂರ್ಮೆಂಟ್ ಪದ್ಧತಿಯಲ್ಲಿ ಸೇವೆ/ಸರಕುಗಳನ್ನು ಒದಗಿಸುವವರಿಂದ ಟೆಂಡರ್ ಆಹ್ವಾನಿಸಲಾಗಿದೆ.

ಕ್ರ ಸಂ	ಕಾಮಗಾರಿಗಳ ವಿವರ
1	ಚಿಕ್ಕಮಗಳೂರು ಜಿಲ್ಲೆಯ 07 ನಗರ ಸ್ಥಳೀಯ ಸಂಸ್ಥೆಗಳಲ್ಲಿ ಇಂದಿರಾ ಕ್ಯಾಂಟೀನ್‌ಗಳಿಗೆ ನಿಗದಿಪಡಿಸಲಾದ ಆಹಾರ ಸರಬರಾಜು ಮಾಡುವುದು. (INDENT NO.DMA/2025-26/IND5552/CALL-2
2	ಚಿಕ್ಕಮಗಳೂರು ಜಿಲ್ಲೆಯ ವಿವಿಧ ಯೋಜನೆಗಳಿಗೆ ಸಂಬಂಧಿಸಿದಂತೆ ಕಾಮಗಾರಿ ಪರಿವೀಕ್ಷಣೆ ನಡೆಸಲು 3ನೇ ವ್ಯಕ್ತಿ ತಪಾಸಣೆ ಏಜೆನ್ಸಿಯನ್ನು ನೇಮಕ ಮಾಡಿಕೊಳ್ಳುವುದು. (INDENT NO.DMA/2025-26/SE6399/CALL-2

ಇ-ಪ್ರೊಕ್ಯೂರ್ಮೆಂಟ್ ಮೂಲಕ ಟೆಂಡರ್ ಸಲ್ಲಿಸಲು ಕೊನೆಯ ದಿನಾಂಕ:12-03-2026 17.00 ಗಂಟೆವರೆಗೆ, ತಾಂತ್ರಿಕ ಬಿಡ್ ತೆರೆಯುವ ದಿನಾಂಕ:13-03-2026ದ 17.10 ಗಂಟೆಗೆ, ಆರ್ಥಿಕ ಬಿಡ್ ತೆರೆಯುವ ದಿನಾಂಕ:16-03-2026ದ 11.30 ಗಂಟೆಗೆ, 1ನೇ ಕಾಮಗಾರಿಗೆ ಪೂರ್ವ ಭಾವಿ ಸಭೆ ದಿನಾಂಕ:03-03-2026ದ ಇ.ಎಂ.ಡಿ ಮೊತ್ತ, ಇ-ಪೋರ್ಟಲ್‌ನಂತೆ ಟೆಂಡರ್ ಸಂಬಂಧಿತ ಯಾವುದೇ ಮಾಹಿತಿಯನ್ನು ಕಛೇರಿಯ ವೇಳೆಯಲ್ಲಿ ಹಾಗೂ htpps.kppp.karna-taka.gov.in ನಲ್ಲಿ ಪಡೆಯಬಹುದಾಗಿದೆ.

ಸಹಿ/- ಜಿಲ್ಲಾಧಿಕಾರಿ, ಚಿಕ್ಕಮಗಳೂರು ಜಿಲ್ಲೆ, ಚಿಕ್ಕಮಗಳೂರು
ಪ್ರಮಾಣ ಪತ್ರ

ಅಜ್ಜಂಪುರ ತಾಲ್ಲೂಕು, ಅಜ್ಜಂಪುರ ಹೋಬಳಿ, ದೊಡ್ಡಘಟ್ಟ ಕಾವಲು ಗ್ರಾಮದಲ್ಲಿ ವಾಸವಾಗಿರುವ ಸುಮಾರು 60 ವರ್ಷ, ವಯಸ್ಸಿನ ಬಿ.ಎಸ್.ರವಿಕುಮಾರ್ ಬಿನ್ ಎಸ್.ಶಿವಪ್ಪ ಆದ ನಾನು ಪ್ರಮಾಣಮಾಡಿ ಸತ್ಯವಾಗಿ ಹೇಳುವುದೇನೆಂದರೆ, ನಾನು ಈ ವಿಳಾಸದಲ್ಲಿ ವಾಸವಾಗಿರುತ್ತೇನೆ. ಅಜ್ಜಂಪುರ ತಾಲ್ಲೂಕು ಅಜ್ಜಂಪುರ ಹೋಬಳಿ ದೊಡ್ಡಘಟ್ಟ ಕಾವಲು ಗ್ರಾಮದ ಸರ್ವೆ ನಂ.20ರಲ್ಲಿ 5-00 ಎಕರೆ ಜಮೀನಿನ ಶುದ್ಧ ಕ್ರಯಪತ್ರದ ಎಸ್.ಆರ್.ನಂ.2240/1985-86 ರಂತೆ ನೋಂದಣೆಯಾಗಿರುತ್ತದೆ. ನಂತರ ಸದರಿ ಶುದ್ಧ ಕ್ರಯ ಪತ್ರವು ದಿನಾಂಕ:16-02-2026 ರಂದು ತರೀಕೆರೆಯಲ್ಲಿ ಕಳೆದುಹೋಗಿರುತ್ತದೆ. ಸಾಕಷ್ಟು ಹುಡುಕಿದರೂ ಸಿಕ್ಕಿರುವುದಿಲ್ಲ, ಆದ ಕಾರಣ ಆನ್‌ಲೈನ್ ಕಂಪ್ಲೇಂಟ್ ನೀಡಿರುತ್ತೇನೆ. ಕಂಪ್ಲೇಂಟ್ ನಂ. 2082400/2026 ಆಗಿರುತ್ತದೆ. ಸದರಿ ಶುದ್ಧ ಕ್ರಯಪತ್ರದ ದೃಢೀಕೃತ ನಕಲನ್ನು ಈ ಪ್ರಮಾಣ ಪತ್ರದೊಂದಿಗೆ ಸಲ್ಲಿಸಿರುತ್ತೇನೆ. ಸದರಿ ಕ್ರಯಪತ್ರದ ಮೂಲ ಪತ್ರವನ್ನು ನಾನು ಯಾವುದೇ ಬ್ಯಾಂಕ್, ಸಹಕಾರ ಸಂಘ ಅಥವಾ ಯಾವುದೇ ಖಾಸಗಿ ವ್ಯಕ್ತಿಗಳಲ್ಲಿ ಯಾವುದೇ ರೀತಿಯಲ್ಲೂ ಆಧಾರ ಮಾಡಿ ಇರಿಸಿರುವುದಿಲ್ಲ, ಮತ್ತು ಇದಕ್ಕೆ ಸಂಬಂಧಪಟ್ಟಂತೆ ಯಾವುದೇ ತಂಟೆ ತಕರಾರು ಬಂದಲ್ಲಿ ನಾನೇ ಜವಾಬ್ದಾರನಾಗಿರುತ್ತೇನೆ ಎಂದು ಈ ಮೂಲಕ ಪ್ರಮಾಣೀಕರಿಸುತ್ತೇನೆ. ಈ ಮೇಲಿನ ಎಲ್ಲಾ ವಿಷಯಗಳು ಸತ್ಯವಾಗಿರುತ್ತವೆ.

ದಿನಾಂಕ: 26-02-2026
ಸ್ಥಳ: ತರೀಕೆರೆ
ಪ್ರಮಾಣವಾದಿ
ಬಿ.ಎಸ್.ರವಿಕುಮಾರ್
ಘನ ಒಂದನೇ ಹೆಚ್ಚುವರಿ ಸಿವಿಲ್ ನ್ಯಾಯಾಧೀಶರು ಮತ್ತು ಜೆ.ಎಂ.ಎಫ್.ಸಿ. ರವರ ನ್ಯಾಯಾಲಯ, ತರೀಕೆರೆ
ಕ್ರಿಮಿನಲ್.ಮಿಸ್.ನಂ : 73/2025

ಅರ್ಜಿದಾರರು: ನಂಜುಂಡಪ್ಪ ಬಿನ್ ಲೇಟ್ ರುದ್ರಪ್ಪ, ವಯಸ್ಸು 75 ವರ್ಷ, ಕೂಲಿ, ಲಕ್ಕವಳ್ಳಿ ಪ್ಯಾರಪ್ಪ ಬೀದಿ ಲಿಂಗದಹಳ್ಳಿ ಗ್ರಾಮ, ಲಿಂಗದಹಳ್ಳಿ ಹೋಬಳಿ, ತರೀಕೆರೆ ತಾಲ್ಲೂಕು, ಚಿಕ್ಕಮಗಳೂರು ಜಿಲ್ಲೆ.

ವಿರುದ್ಧ

ಎದುರುದಾರರು : 1)ತಹಶೀಲ್ದಾರ್‌ರವರು ತರೀಕೆರೆ, ತರೀಕೆರೆ ತಾಲ್ಲೂಕು. 2)ಗ್ರಾಮ ಲೆಕ್ಕಾಧಿಕಾರಿಗಳು, ಲಿಂಗದಹಳ್ಳಿ ವೃತ್ತ, ತರೀಕೆರೆ ತಾಲ್ಲೂಕು. 3)ಬಸವರಾಜ್ ಬಿನ್ ಲೇಟ್ ರುದ್ರಪ್ಪ, ಲಿಂಗದಹಳ್ಳಿ ಗ್ರಾಮ, ತರೀಕೆರೆ ತಾಲ್ಲೂಕು.

ಅರ್ಜಿದಾರರು ಈ ನ್ಯಾಯಾಲಯದಲ್ಲಿ ದಿನಾಂಕ 10/12/2024 ರಂದು ಜನನ ದಾಖಲೆ ತಿದ್ದುಪಡಿ ಕೋರಿ ಅರ್ಜಿ ಸಲ್ಲಿಸಿರುತ್ತಾರೆ. ಈ ಬಗ್ಗೆ ಯಾರಿಗಾದರೂ ಆಕ್ಷೇಪಣೆ ಇದ್ದಲ್ಲಿ ದಿನಾಂಕ: 04-04-2026 ರಂದು ಬೆಳಿಗ್ಗೆ 11 ಗಂಟೆಗೆ ಖುದ್ದಾಗಿ ಅಥವಾ ವಕೀಲರ ಮುಖಾಂತರ ಹಾಜರಾಗಿ ಆಕ್ಷೇಪಣೆ ಸಲ್ಲಿಸತಕ್ಕದ್ದು, ತಪ್ಪಿದಲ್ಲಿ ಪ್ರಕರಣವನ್ನು ಏಕಪಕ್ಷೀಯವಾಗಿ ತೀರ್ಮಾನಿಸಲಾಗುವುದು.

ಸ್ಥಳ: ತರೀಕೆರೆ
ದಿನಾಂಕ:27-02-2026
ನ್ಯಾಯಾಲಯದ ಆದೇಶದ ಮೇರೆಗೆ
ಸಹಿ/- ಶಿರಸ್ತೇದಾರರು
Hosadigantha kannada daily Printed & Published by P.S. Prakash on behalf of Jnanabharathi Prakashana Limited. Printed at Digantha Mudrana, New Thirthahalli Road, Shivamogga - 577201
and Published at 'Madhura Nilaya', 4th Cross, Durgigudi, Park Extension, Shivamogga 577202. Ph: (08182) 401752, 8861209076. Editor : P.S. Prakash, Group Editor : Vinayak S. Bhat.
